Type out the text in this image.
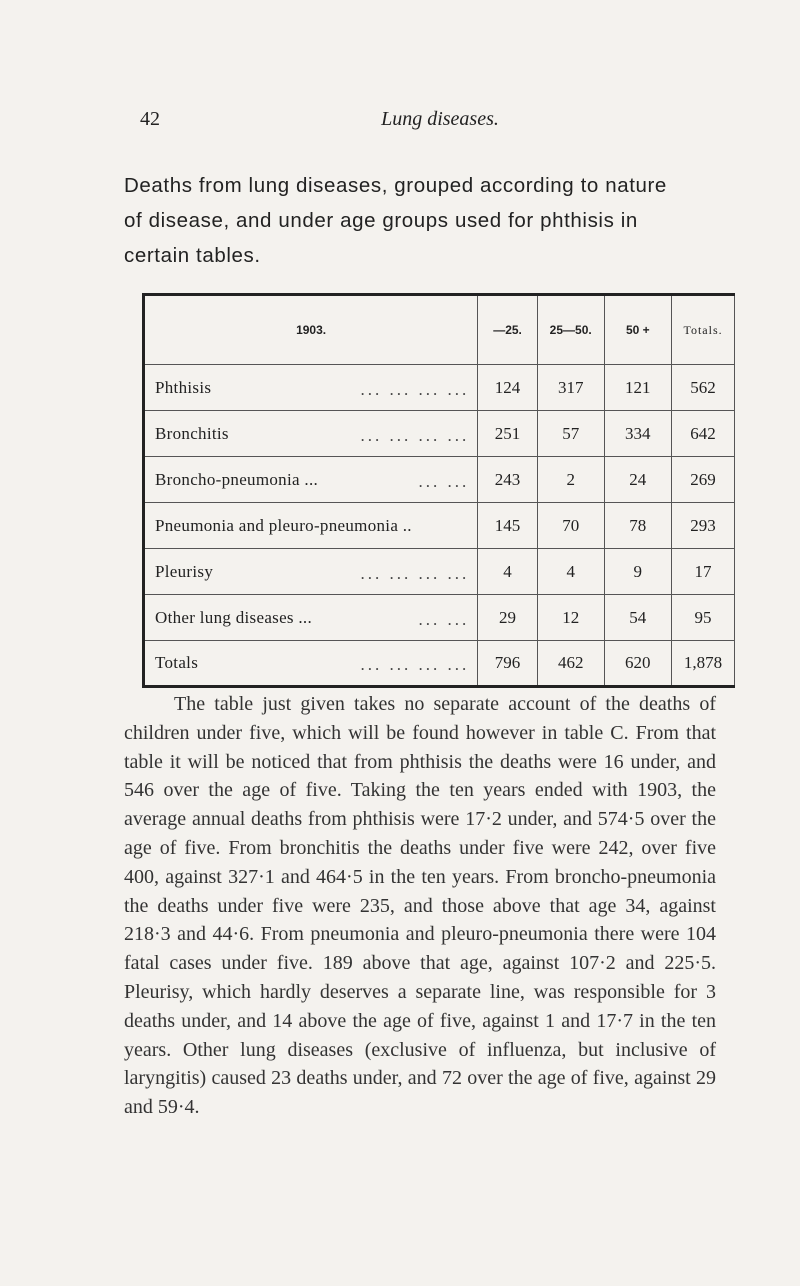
42	Lung diseases.
Deaths from lung diseases, grouped according to nature
of disease, and under age groups used for phthisis in
certain tables.
1903.	—25.	25—50.	50 +	Totals.
Phthisis ... ... ... ...	124	317	121	562
Bronchitis ... ... ... ...	251	57	334	642
Broncho-pneumonia ... ... ...	243	2	24	269
Pneumonia and pleuro-pneumonia ..	145	70	78	293
Pleurisy ... ... ... ...	4	4	9	17
Other lung diseases ... ... ...	29	12	54	95
Totals ... ... ... ...	796	462	620	1,878

The table just given takes no separate account of the deaths of children under five, which will be found however in table C. From that table it will be noticed that from phthisis the deaths were 16 under, and 546 over the age of five. Taking the ten years ended with 1903, the average annual deaths from phthisis were 17·2 under, and 574·5 over the age of five. From bronchitis the deaths under five were 242, over five 400, against 327·1 and 464·5 in the ten years. From broncho-pneumonia the deaths under five were 235, and those above that age 34, against 218·3 and 44·6. From pneumonia and pleuro-pneumonia there were 104 fatal cases under five. 189 above that age, against 107·2 and 225·5. Pleurisy, which hardly deserves a separate line, was responsible for 3 deaths under, and 14 above the age of five, against 1 and 17·7 in the ten years. Other lung diseases (exclusive of influenza, but inclusive of laryngitis) caused 23 deaths under, and 72 over the age of five, against 29 and 59·4.
